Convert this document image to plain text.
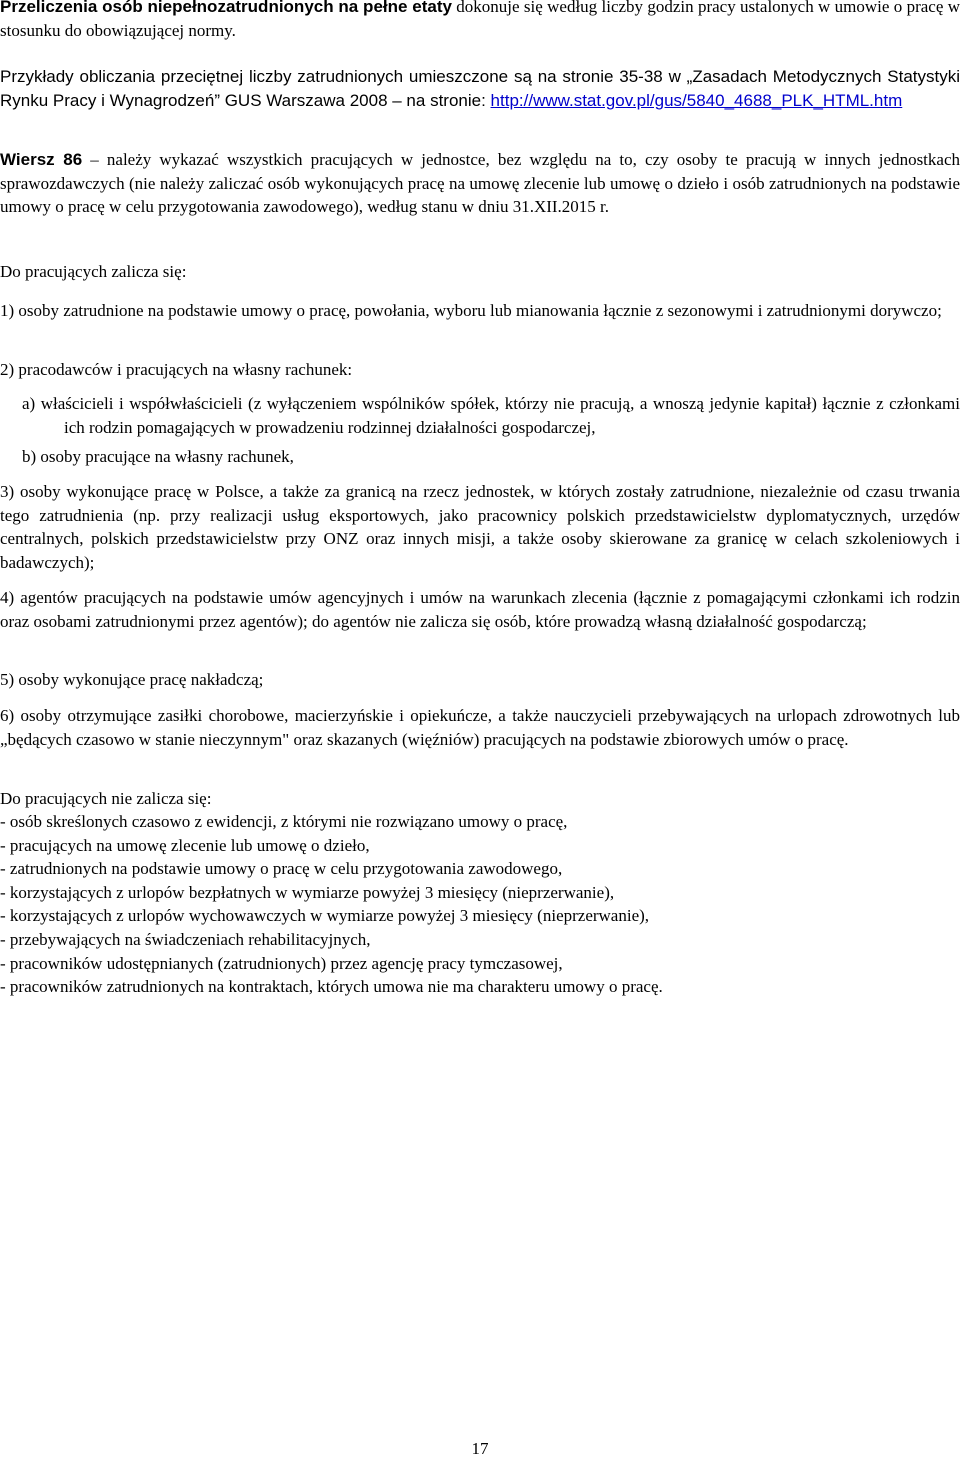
Przeliczenia osób niepełnozatrudnionych na pełne etaty dokonuje się według liczby godzin pracy ustalonych w umowie o pracę w stosunku do obowiązującej normy.

Przykłady obliczania przeciętnej liczby zatrudnionych umieszczone są na stronie 35-38 w „Zasadach Metodycznych Statystyki Rynku Pracy i Wynagrodzeń” GUS Warszawa 2008 – na stronie: http://www.stat.gov.pl/gus/5840_4688_PLK_HTML.htm

Wiersz 86 – należy wykazać wszystkich pracujących w jednostce, bez względu na to, czy osoby te pracują w innych jednostkach sprawozdawczych (nie należy zaliczać osób wykonujących pracę na umowę zlecenie lub umowę o dzieło i osób zatrudnionych na podstawie umowy o pracę w celu przygotowania zawodowego), według stanu w dniu 31.XII.2015 r.

Do pracujących zalicza się:

1) osoby zatrudnione na podstawie umowy o pracę, powołania, wyboru lub mianowania łącznie z sezonowymi i zatrudnionymi dorywczo;

2) pracodawców i pracujących na własny rachunek:

a) właścicieli i współwłaścicieli (z wyłączeniem wspólników spółek, którzy nie pracują, a wnoszą jedynie kapitał) łącznie z członkami ich rodzin pomagających w prowadzeniu rodzinnej działalności gospodarczej,

b) osoby pracujące na własny rachunek,

3) osoby wykonujące pracę w Polsce, a także za granicą na rzecz jednostek, w których zostały zatrudnione, niezależnie od czasu trwania tego zatrudnienia (np. przy realizacji usług eksportowych, jako pracownicy polskich przedstawicielstw dyplomatycznych, urzędów centralnych, polskich przedstawicielstw przy ONZ oraz innych misji, a także osoby skierowane za granicę w celach szkoleniowych i badawczych);

4) agentów pracujących na podstawie umów agencyjnych i umów na warunkach zlecenia (łącznie z pomagającymi członkami ich rodzin oraz osobami zatrudnionymi przez agentów); do agentów nie zalicza się osób, które prowadzą własną działalność gospodarczą;

5) osoby wykonujące pracę nakładczą;

6) osoby otrzymujące zasiłki chorobowe, macierzyńskie i opiekuńcze, a także nauczycieli przebywających na urlopach zdrowotnych lub „będących czasowo w stanie nieczynnym" oraz skazanych (więźniów) pracujących na podstawie zbiorowych umów o pracę.

Do pracujących nie zalicza się:

- osób skreślonych czasowo z ewidencji, z którymi nie rozwiązano umowy o pracę,
- pracujących na umowę zlecenie lub umowę o dzieło,
- zatrudnionych na podstawie umowy o pracę w celu przygotowania zawodowego,
- korzystających z urlopów bezpłatnych w wymiarze powyżej 3 miesięcy (nieprzerwanie),
- korzystających z urlopów wychowawczych w wymiarze powyżej 3 miesięcy (nieprzerwanie),
- przebywających na świadczeniach rehabilitacyjnych,
- pracowników udostępnianych (zatrudnionych) przez agencję pracy tymczasowej,
- pracowników zatrudnionych na kontraktach, których umowa nie ma charakteru umowy o pracę.
17
